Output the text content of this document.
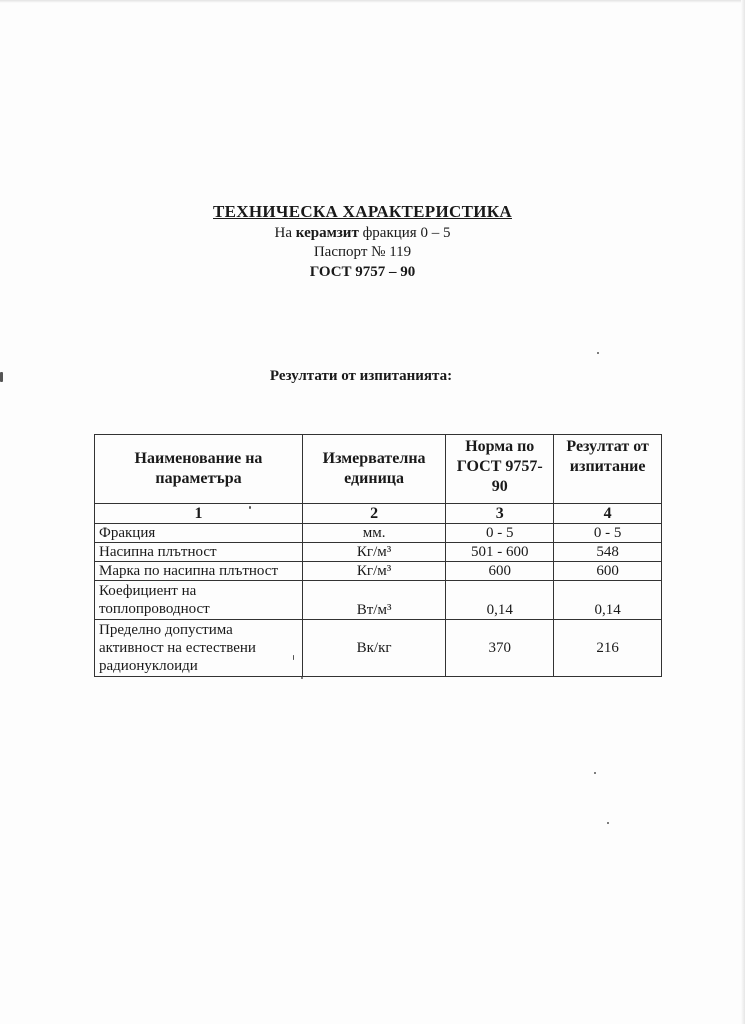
ТЕХНИЧЕСКА ХАРАКТЕРИСТИКА
На керамзит фракция 0 – 5
Паспорт № 119
ГОСТ 9757 – 90
Резултати от изпитанията:
Наименование на параметъра	Измервателна единица	Норма по ГОСТ 9757-90	Резултат от изпитание
1	2	3	4
Фракция	мм.	0 - 5	0 - 5
Насипна плътност	Кг/м³	501 - 600	548
Марка по насипна плътност	Кг/м³	600	600
Коефициент на топлопроводност	Вт/м³	0,14	0,14
Пределно допустима активност на естествени радионуклоиди	Вк/кг	370	216
